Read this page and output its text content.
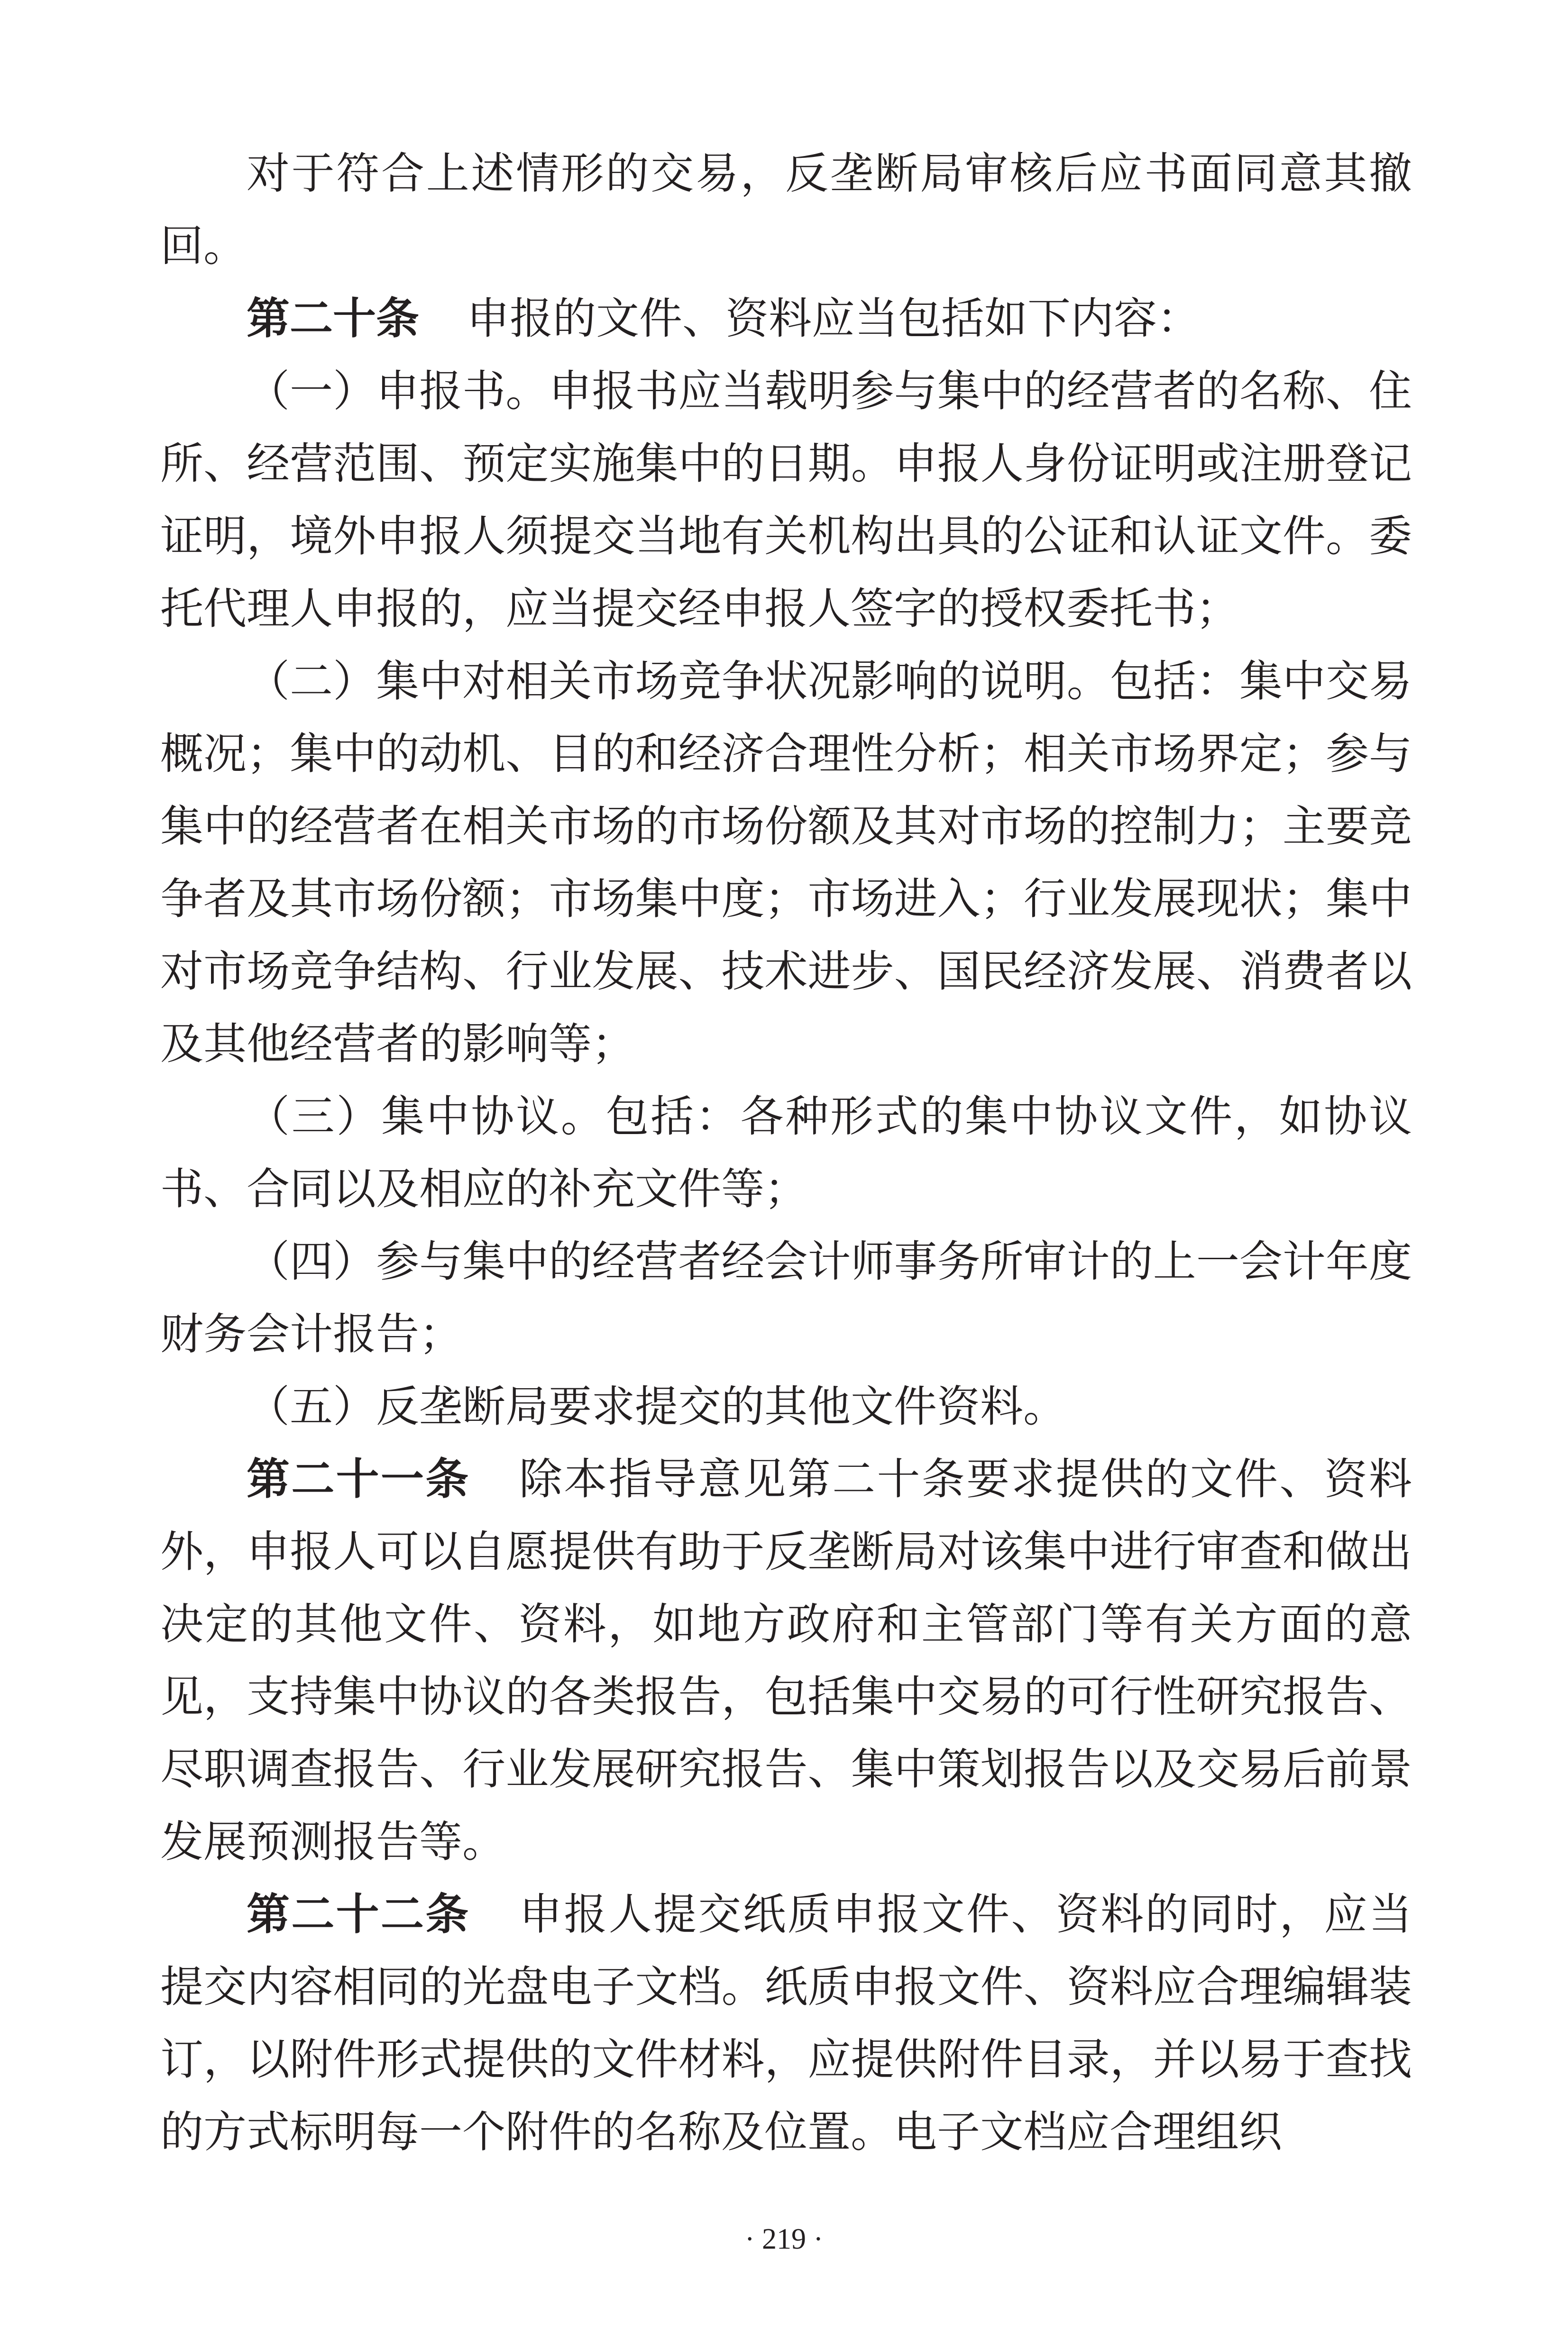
对于符合上述情形的交易，反垄断局审核后应书面同意其撤回。

第二十条 申报的文件、资料应当包括如下内容：

（一）申报书。申报书应当载明参与集中的经营者的名称、住所、经营范围、预定实施集中的日期。申报人身份证明或注册登记证明，境外申报人须提交当地有关机构出具的公证和认证文件。委托代理人申报的，应当提交经申报人签字的授权委托书；

（二）集中对相关市场竞争状况影响的说明。包括：集中交易概况；集中的动机、目的和经济合理性分析；相关市场界定；参与集中的经营者在相关市场的市场份额及其对市场的控制力；主要竞争者及其市场份额；市场集中度；市场进入；行业发展现状；集中对市场竞争结构、行业发展、技术进步、国民经济发展、消费者以及其他经营者的影响等；

（三）集中协议。包括：各种形式的集中协议文件，如协议书、合同以及相应的补充文件等；

（四）参与集中的经营者经会计师事务所审计的上一会计年度财务会计报告；

（五）反垄断局要求提交的其他文件资料。

第二十一条 除本指导意见第二十条要求提供的文件、资料外，申报人可以自愿提供有助于反垄断局对该集中进行审查和做出决定的其他文件、资料，如地方政府和主管部门等有关方面的意见，支持集中协议的各类报告，包括集中交易的可行性研究报告、尽职调查报告、行业发展研究报告、集中策划报告以及交易后前景发展预测报告等。

第二十二条 申报人提交纸质申报文件、资料的同时，应当提交内容相同的光盘电子文档。纸质申报文件、资料应合理编辑装订，以附件形式提供的文件材料，应提供附件目录，并以易于查找的方式标明每一个附件的名称及位置。电子文档应合理组织

· 219 ·
